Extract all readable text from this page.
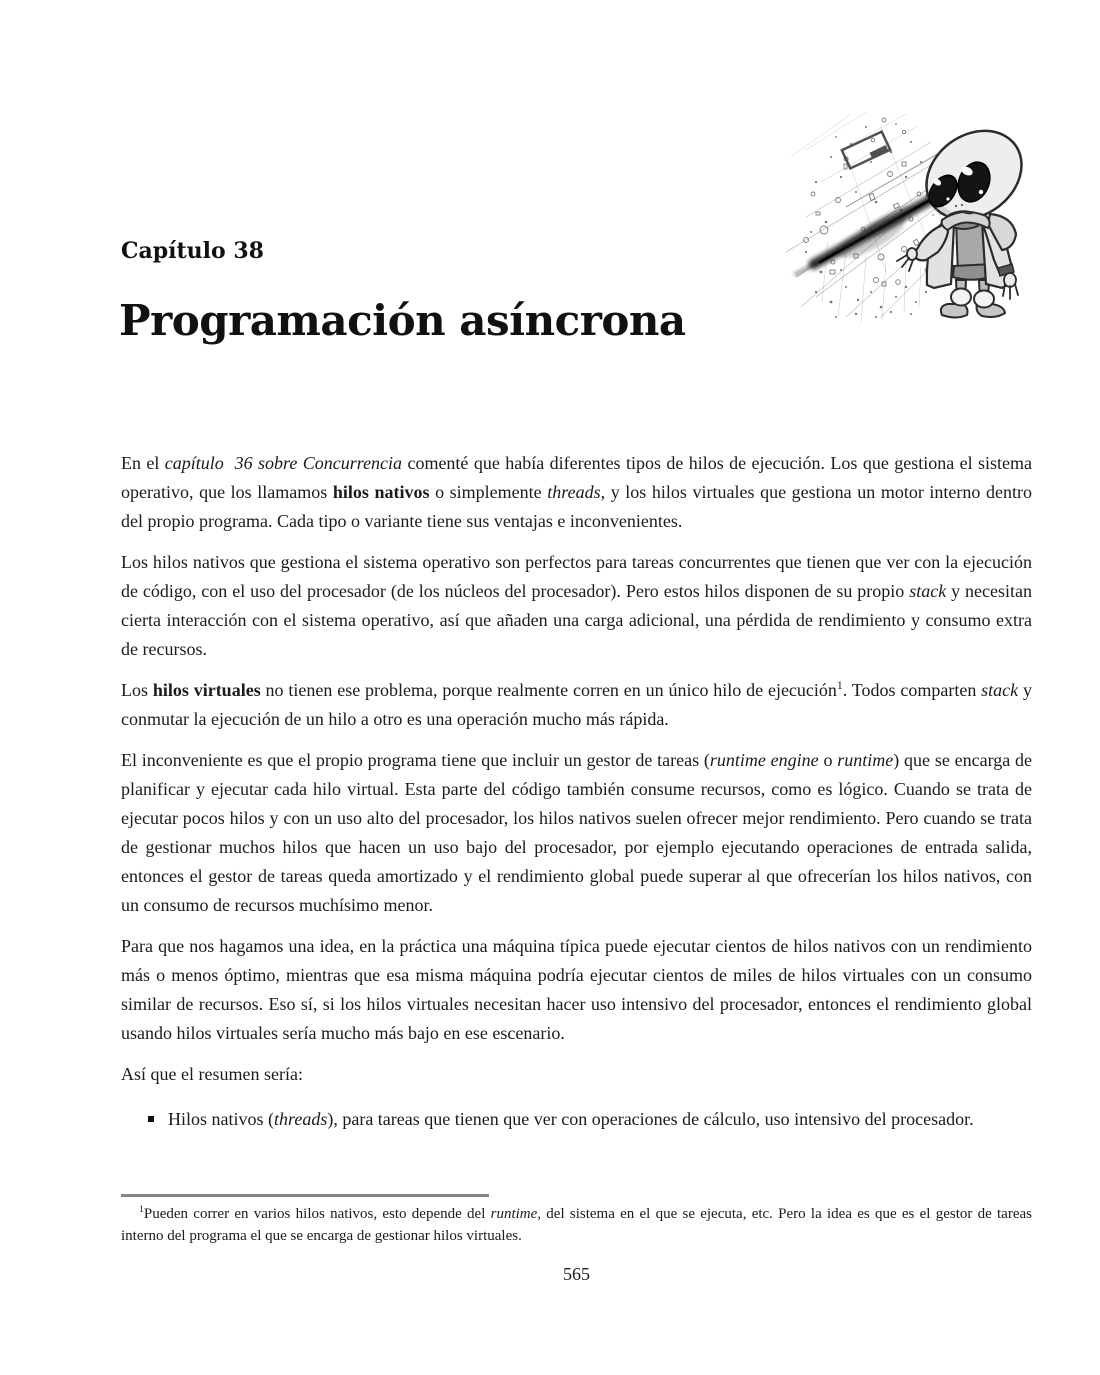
Capítulo 38
Programación asíncrona

En el capítulo  36 sobre Concurrencia comenté que había diferentes tipos de hilos de ejecución. Los que gestiona el sistema operativo, que los llamamos hilos nativos o simplemente threads, y los hilos virtuales que gestiona un motor interno dentro del propio programa. Cada tipo o variante tiene sus ventajas e inconvenientes.

Los hilos nativos que gestiona el sistema operativo son perfectos para tareas concurrentes que tienen que ver con la ejecución de código, con el uso del procesador (de los núcleos del procesador). Pero estos hilos disponen de su propio stack y necesitan cierta interacción con el sistema operativo, así que añaden una carga adicional, una pérdida de rendimiento y consumo extra de recursos.

Los hilos virtuales no tienen ese problema, porque realmente corren en un único hilo de ejecución$^1$. Todos comparten stack y conmutar la ejecución de un hilo a otro es una operación mucho más rápida.

El inconveniente es que el propio programa tiene que incluir un gestor de tareas (runtime engine o runtime) que se encarga de planificar y ejecutar cada hilo virtual. Esta parte del código también consume recursos, como es lógico. Cuando se trata de ejecutar pocos hilos y con un uso alto del procesador, los hilos nativos suelen ofrecer mejor rendimiento. Pero cuando se trata de gestionar muchos hilos que hacen un uso bajo del procesador, por ejemplo ejecutando operaciones de entrada salida, entonces el gestor de tareas queda amortizado y el rendimiento global puede superar al que ofrecerían los hilos nativos, con un consumo de recursos muchísimo menor.

Para que nos hagamos una idea, en la práctica una máquina típica puede ejecutar cientos de hilos nativos con un rendimiento más o menos óptimo, mientras que esa misma máquina podría ejecutar cientos de miles de hilos virtuales con un consumo similar de recursos. Eso sí, si los hilos virtuales necesitan hacer uso intensivo del procesador, entonces el rendimiento global usando hilos virtuales sería mucho más bajo en ese escenario.

Así que el resumen sería:

Hilos nativos (threads), para tareas que tienen que ver con operaciones de cálculo, uso intensivo del procesador.

$^1$Pueden correr en varios hilos nativos, esto depende del runtime, del sistema en el que se ejecuta, etc. Pero la idea es que es el gestor de tareas interno del programa el que se encarga de gestionar hilos virtuales.

565
